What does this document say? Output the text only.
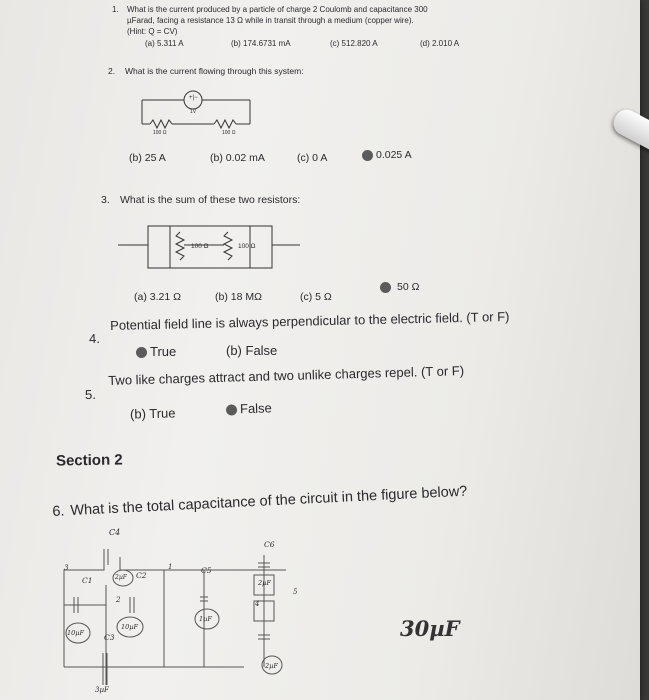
1. What is the current produced by a particle of charge 2 Coulomb and capacitance 300
µFarad, facing a resistance 13 Ω while in transit through a medium (copper wire).
(Hint: Q = CV)
(a) 5.311 A	(b) 174.6731 mA	(c) 512.820 A	(d) 2.010 A
2. What is the current flowing through this system:
+|−
1V
100 Ω	100 Ω
(b) 25 A	(b) 0.02 mA	(c) 0 A	0.025 A
3. What is the sum of these two resistors:
100 Ω	100 Ω
(a) 3.21 Ω	(b) 18 MΩ	(c) 5 Ω
50 Ω
4.
Potential field line is always perpendicular to the electric field. (T or F)
True	(b) False
5.
Two like charges attract and two unlike charges repel. (T or F)
(b) True	False
Section 2
6. What is the total capacitance of the circuit in the figure below?
C4
C1
C2
C3
C5
C6
3
2
1
4
5
2µF
10µF
10µF
1µF
2µF
2µF
3µF
30µF
